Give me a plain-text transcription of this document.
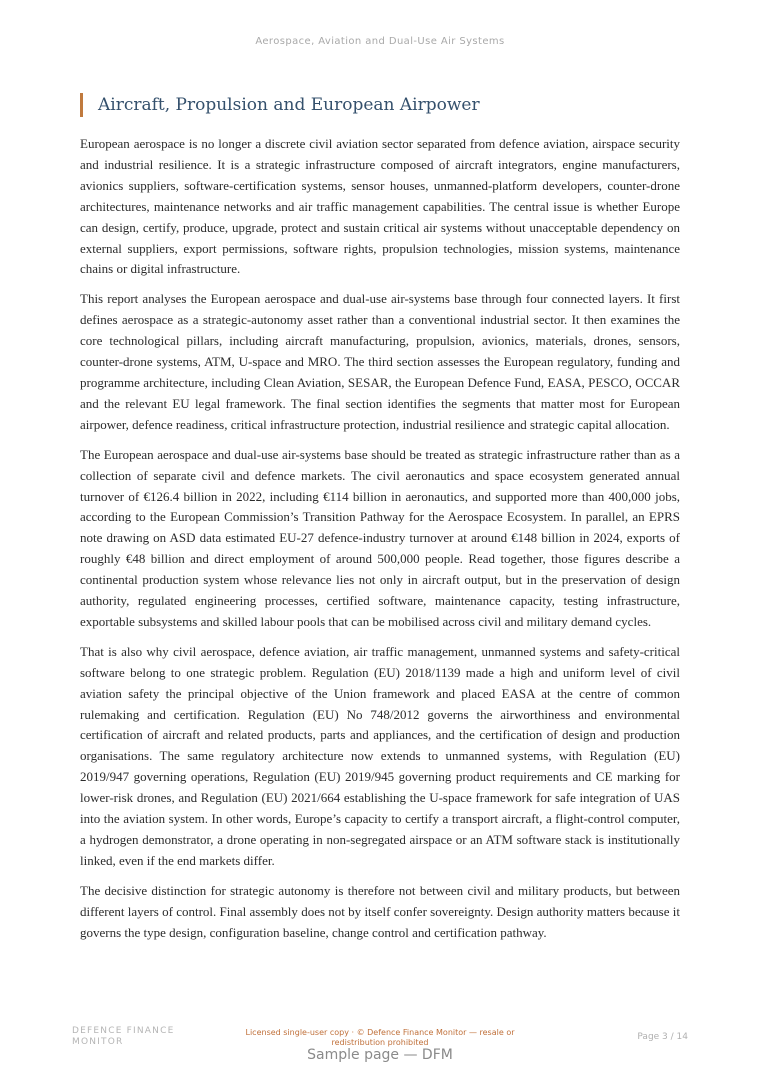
Aerospace, Aviation and Dual-Use Air Systems
Aircraft, Propulsion and European Airpower

European aerospace is no longer a discrete civil aviation sector separated from defence aviation, airspace security and industrial resilience. It is a strategic infrastructure composed of aircraft integrators, engine manufacturers, avionics suppliers, software-certification systems, sensor houses, unmanned-platform developers, counter-drone architectures, maintenance networks and air traffic management capabilities. The central issue is whether Europe can design, certify, produce, upgrade, protect and sustain critical air systems without unacceptable dependency on external suppliers, export permissions, software rights, propulsion technologies, mission systems, maintenance chains or digital infrastructure.

This report analyses the European aerospace and dual-use air-systems base through four connected layers. It first defines aerospace as a strategic-autonomy asset rather than a conventional industrial sector. It then examines the core technological pillars, including aircraft manufacturing, propulsion, avionics, materials, drones, sensors, counter-drone systems, ATM, U-space and MRO. The third section assesses the European regulatory, funding and programme architecture, including Clean Aviation, SESAR, the European Defence Fund, EASA, PESCO, OCCAR and the relevant EU legal framework. The final section identifies the segments that matter most for European airpower, defence readiness, critical infrastructure protection, industrial resilience and strategic capital allocation.

The European aerospace and dual-use air-systems base should be treated as strategic infrastructure rather than as a collection of separate civil and defence markets. The civil aeronautics and space ecosystem generated annual turnover of €126.4 billion in 2022, including €114 billion in aeronautics, and supported more than 400,000 jobs, according to the European Commission’s Transition Pathway for the Aerospace Ecosystem. In parallel, an EPRS note drawing on ASD data estimated EU-27 defence-industry turnover at around €148 billion in 2024, exports of roughly €48 billion and direct employment of around 500,000 people. Read together, those figures describe a continental production system whose relevance lies not only in aircraft output, but in the preservation of design authority, regulated engineering processes, certified software, maintenance capacity, testing infrastructure, exportable subsystems and skilled labour pools that can be mobilised across civil and military demand cycles.

That is also why civil aerospace, defence aviation, air traffic management, unmanned systems and safety-critical software belong to one strategic problem. Regulation (EU) 2018/1139 made a high and uniform level of civil aviation safety the principal objective of the Union framework and placed EASA at the centre of common rulemaking and certification. Regulation (EU) No 748/2012 governs the airworthiness and environmental certification of aircraft and related products, parts and appliances, and the certification of design and production organisations. The same regulatory architecture now extends to unmanned systems, with Regulation (EU) 2019/947 governing operations, Regulation (EU) 2019/945 governing product requirements and CE marking for lower-risk drones, and Regulation (EU) 2021/664 establishing the U-space framework for safe integration of UAS into the aviation system. In other words, Europe’s capacity to certify a transport aircraft, a flight-control computer, a hydrogen demonstrator, a drone operating in non-segregated airspace or an ATM software stack is institutionally linked, even if the end markets differ.

The decisive distinction for strategic autonomy is therefore not between civil and military products, but between different layers of control. Final assembly does not by itself confer sovereignty. Design authority matters because it governs the type design, configuration baseline, change control and certification pathway.

DEFENCE FINANCE
MONITOR
Licensed single-user copy · © Defence Finance Monitor — resale or redistribution prohibited
Page 3 / 14
Sample page — DFM
